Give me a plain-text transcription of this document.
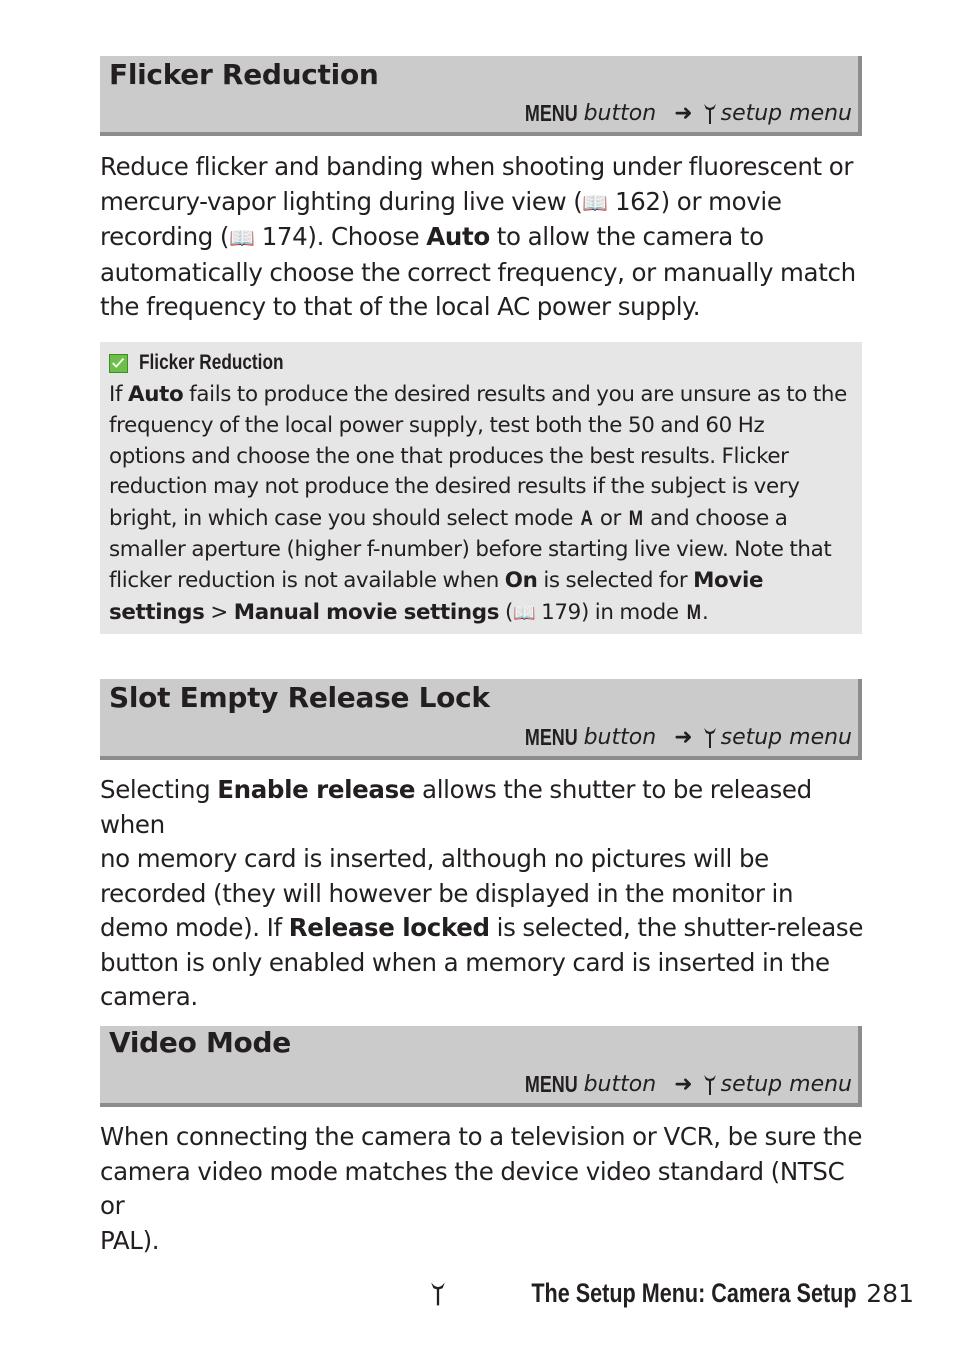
Flicker Reduction
MENU button ➜ setup menu
Reduce flicker and banding when shooting under fluorescent or
mercury-vapor lighting during live view (📖 162) or movie
recording (📖 174). Choose Auto to allow the camera to
automatically choose the correct frequency, or manually match
the frequency to that of the local AC power supply.
Flicker Reduction
If Auto fails to produce the desired results and you are unsure as to the
frequency of the local power supply, test both the 50 and 60 Hz
options and choose the one that produces the best results. Flicker
reduction may not produce the desired results if the subject is very
bright, in which case you should select mode A or M and choose a
smaller aperture (higher f-number) before starting live view. Note that
flicker reduction is not available when On is selected for Movie
settings > Manual movie settings (📖 179) in mode M.
Slot Empty Release Lock
MENU button ➜ setup menu
Selecting Enable release allows the shutter to be released when
no memory card is inserted, although no pictures will be
recorded (they will however be displayed in the monitor in
demo mode). If Release locked is selected, the shutter-release
button is only enabled when a memory card is inserted in the
camera.
Video Mode
MENU button ➜ setup menu
When connecting the camera to a television or VCR, be sure the
camera video mode matches the device video standard (NTSC or
PAL).
The Setup Menu: Camera Setup 281
